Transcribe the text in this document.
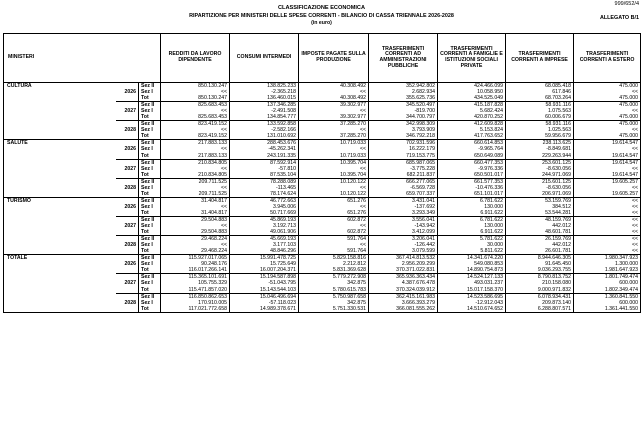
999/652/4
CLASSIFICAZIONE ECONOMICA
RIPARTIZIONE PER MINISTERI DELLE SPESE CORRENTI - BILANCIO DI CASSA TRIENNALE 2026-2028
(in euro)
ALLEGATO B/1
MINISTERI			REDDITI DA LAVORO DIPENDENTE	CONSUMI INTERMEDI	IMPOSTE PAGATE SULLA PRODUZIONE	TRASFERIMENTI CORRENTI AD AMMINISTRAZIONI PUBBLICHE	TRASFERIMENTI CORRENTI A FAMIGLIE E ISTITUZIONI SOCIALI PRIVATE	TRASFERIMENTI CORRENTI A IMPRESE	TRASFERIMENTI CORRENTI A ESTERO
CULTURA		Sez II	850.130.247	138.825.233	40.308.492	352.942.802	424.466.099	68.085.418	475.000
	2026	Sez I	<<	-2.365.218	<<	2.682.934	10.058.950	617.846	<<
		Tot	850.130.247	136.460.015	40.308.492	355.625.736	434.525.049	68.703.264	475.000
		Sez II	825.683.453	137.346.285	39.302.977	345.520.497	415.187.828	58.931.116	475.000
	2027	Sez I	<<	-2.491.508	<<	-819.700	5.682.424	1.075.563	<<
		Tot	825.683.453	134.854.777	39.302.977	344.700.797	420.870.252	60.006.679	475.000
		Sez II	823.419.152	133.592.858	37.285.270	342.998.309	412.609.828	58.931.116	475.000
	2028	Sez I	<<	-2.582.166	<<	3.793.909	5.153.824	1.025.563	<<
		Tot	823.419.152	131.010.692	37.285.270	346.792.218	417.763.652	59.956.679	475.000
SALUTE		Sez II	217.883.133	288.453.676	10.719.033	702.931.596	660.614.853	238.113.625	19.614.547
	2026	Sez I	<<	-45.262.341	<<	16.222.179	-9.965.764	-8.849.681	<<
		Tot	217.883.133	243.191.335	10.719.033	719.153.775	650.649.089	229.263.944	19.614.547
		Sez II	210.834.805	87.592.914	10.395.704	685.987.065	660.477.353	253.601.125	19.614.547
	2027	Sez I	<<	-57.810	<<	-3.775.228	-9.976.336	-8.630.056	<<
		Tot	210.834.805	87.535.104	10.395.704	682.211.837	650.501.017	244.971.069	19.614.547
		Sez II	209.711.525	78.288.089	10.120.122	666.277.065	661.577.353	215.601.125	19.605.257
	2028	Sez I	<<	-113.465	<<	-6.569.728	-10.476.336	-8.630.056	<<
		Tot	209.711.525	78.174.624	10.120.122	659.707.337	651.101.017	206.971.069	19.605.257
TURISMO		Sez II	31.404.817	46.772.663	651.276	3.431.041	6.781.622	53.159.769	<<
	2026	Sez I	<<	3.945.006	<<	-137.692	130.000	384.512	<<
		Tot	31.404.817	50.717.669	651.276	3.293.349	6.911.622	53.544.281	<<
		Sez II	29.504.883	45.869.193	602.872	3.556.041	6.781.622	48.159.769	<<
	2027	Sez I	<<	3.192.713	<<	-143.942	130.000	442.012	<<
		Tot	29.504.883	49.061.906	602.872	3.412.099	6.911.622	48.601.781	<<
		Sez II	29.468.224	45.669.193	591.764	3.206.041	5.781.622	26.159.769	<<
	2028	Sez I	<<	3.177.103	<<	-126.442	30.000	442.012	<<
		Tot	29.468.224	48.846.296	591.764	3.079.599	5.811.622	26.601.781	<<
TOTALE		Sez II	115.927.017.065	15.991.478.725	5.829.158.816	367.414.813.532	14.341.674.220	8.944.646.305	1.980.347.923
	2026	Sez I	90.248.176	15.725.649	2.212.812	2.956.209.299	549.080.853	91.645.450	1.300.000
		Tot	116.017.266.141	16.007.204.371	5.831.369.628	370.371.022.831	14.890.754.873	9.036.293.755	1.981.647.923
		Sez II	115.365.101.691	15.194.587.898	5.779.272.908	365.936.363.434	14.524.127.133	8.790.813.752	1.801.749.474
	2027	Sez I	105.755.329	-51.043.795	342.875	4.387.676.478	493.031.237	210.158.080	600.000
		Tot	115.471.857.020	15.143.544.103	5.780.615.783	370.324.039.912	15.017.158.370	9.000.971.832	1.802.349.474
		Sez II	116.850.862.653	15.046.496.694	5.750.987.658	362.415.161.983	14.523.586.695	6.078.934.431	1.360.841.550
	2028	Sez I	170.910.005	-57.118.023	342.875	3.666.393.279	-12.912.043	209.873.140	600.000
		Tot	117.021.772.658	14.989.378.671	5.751.330.531	366.081.555.262	14.510.674.652	6.288.807.571	1.361.441.550
